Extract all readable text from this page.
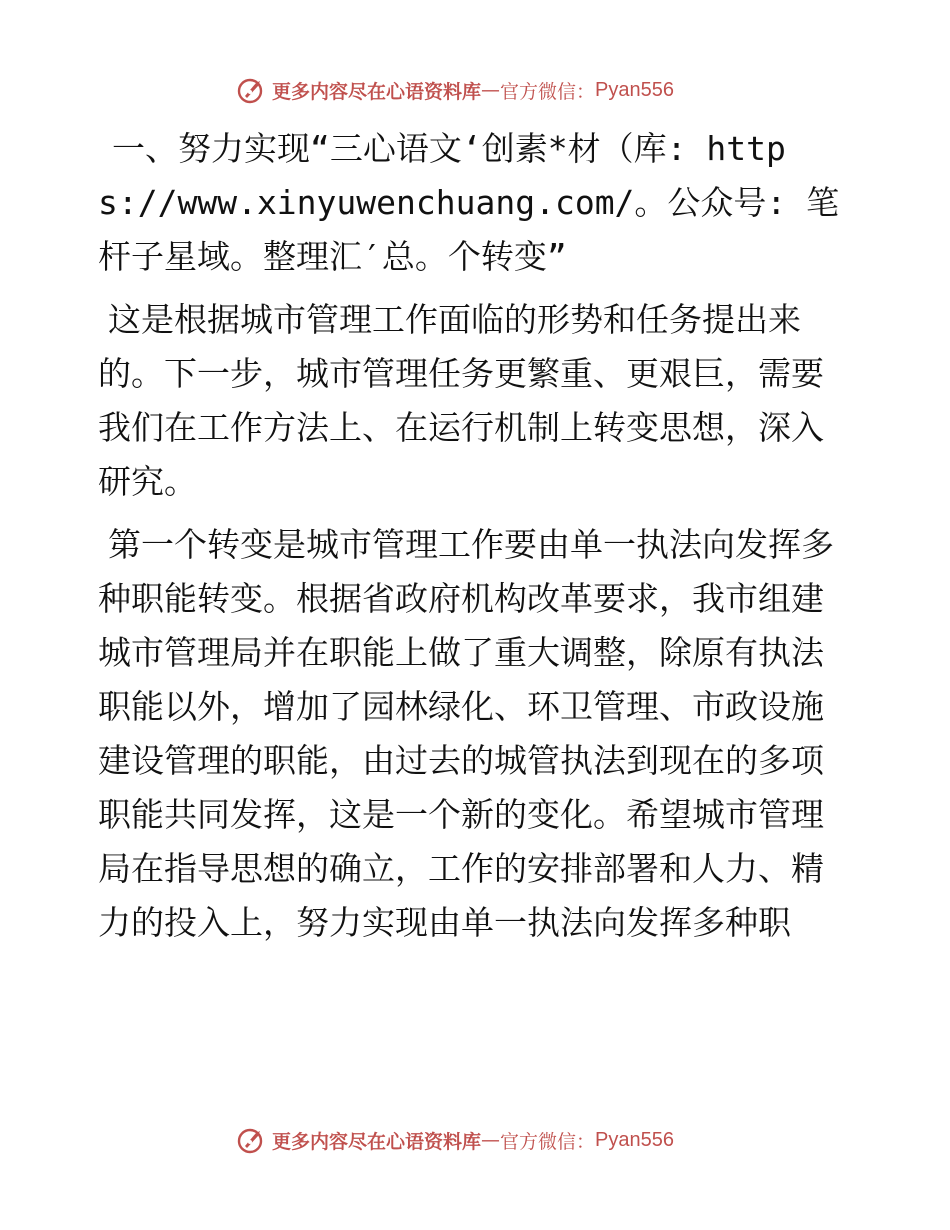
更多内容尽在心语资料库 — 官方微信： Pyan556

一、努力实现“三心语文‘创素*材（库: https://www.xinyuwenchuang.com/。公众号: 笔杆子星域。整理汇′总。个转变”

这是根据城市管理工作面临的形势和任务提出来的。下一步，城市管理任务更繁重、更艰巨，需要我们在工作方法上、在运行机制上转变思想，深入研究。

第一个转变是城市管理工作要由单一执法向发挥多种职能转变。根据省政府机构改革要求，我市组建城市管理局并在职能上做了重大调整，除原有执法职能以外，增加了园林绿化、环卫管理、市政设施建设管理的职能，由过去的城管执法到现在的多项职能共同发挥，这是一个新的变化。希望城市管理局在指导思想的确立，工作的安排部署和人力、精力的投入上，努力实现由单一执法向发挥多种职

更多内容尽在心语资料库 — 官方微信： Pyan556
